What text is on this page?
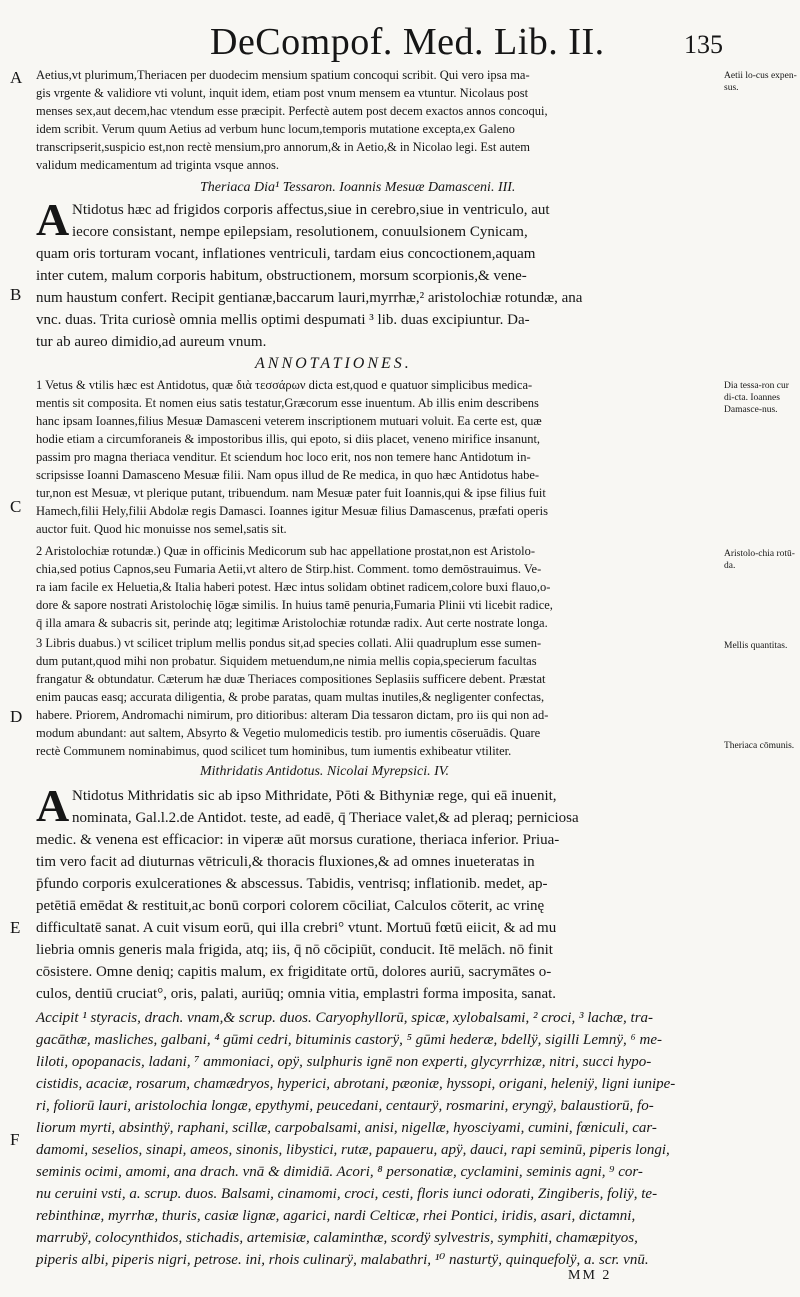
DeCompof. Med. Lib. II.	135
A
B
C
D
E
F
Aetii lo-cus expen-sus.
Dia tessa-ron cur di-cta. Ioannes Damasce-nus.
Aristolo-chia rotū-da.
Mellis quantitas.
Theriaca cōmunis.
Aetius,vt plurimum,Theriacen per duodecim mensium spatium concoqui scribit. Qui vero ipsa ma-
gis vrgente & validiore vti volunt, inquit idem, etiam post vnum mensem ea vtuntur. Nicolaus post
menses sex,aut decem,hac vtendum esse præcipit. Perfectè autem post decem exactos annos concoqui,
idem scribit. Verum quum Aetius ad verbum hunc locum,temporis mutatione excepta,ex Galeno
transcripserit,suspicio est,non rectè mensium,pro annorum,& in Aetio,& in Nicolao legi. Est autem
validum medicamentum ad triginta vsque annos.
Theriaca Dia¹ Tessaron. Ioannis Mesuæ Damasceni. III.
A Ntidotus hæc ad frigidos corporis affectus,siue in cerebro,siue in ventriculo, aut
iecore consistant, nempe epilepsiam, resolutionem, conuulsionem Cynicam,
quam oris torturam vocant, inflationes ventriculi, tardam eius concoctionem,aquam
inter cutem, malum corporis habitum, obstructionem, morsum scorpionis,& vene-
num haustum confert. Recipit gentianæ,baccarum lauri,myrrhæ,² aristolochiæ rotundæ, ana
vnc. duas. Trita curiosè omnia mellis optimi despumati ³ lib. duas excipiuntur. Da-
tur ab aureo dimidio,ad aureum vnum.
ANNOTATIONES.
1 Vetus & vtilis hæc est Antidotus, quæ διὰ τεσσάρων dicta est,quod e quatuor simplicibus medica-
mentis sit composita. Et nomen eius satis testatur,Græcorum esse inuentum. Ab illis enim describens
hanc ipsam Ioannes,filius Mesuæ Damasceni veterem inscriptionem mutuari voluit. Ea certe est, quæ
hodie etiam a circumforaneis & impostoribus illis, qui epoto, si diis placet, veneno mirifice insanunt,
passim pro magna theriaca venditur. Et sciendum hoc loco erit, nos non temere hanc Antidotum in-
scripsisse Ioanni Damasceno Mesuæ filii. Nam opus illud de Re medica, in quo hæc Antidotus habe-
tur,non est Mesuæ, vt plerique putant, tribuendum. nam Mesuæ pater fuit Ioannis,qui & ipse filius fuit
Hamech,filii Hely,filii Abdolæ regis Damasci. Ioannes igitur Mesuæ filius Damascenus, præfati operis
auctor fuit. Quod hic monuisse nos semel,satis sit.
2 Aristolochiæ rotundæ.) Quæ in officinis Medicorum sub hac appellatione prostat,non est Aristolo-
chia,sed potius Capnos,seu Fumaria Aetii,vt altero de Stirp.hist. Comment. tomo demōstrauimus. Ve-
ra iam facile ex Heluetia,& Italia haberi potest. Hæc intus solidam obtinet radicem,colore buxi flauo,o-
dore & sapore nostrati Aristolochię lōgæ similis. In huius tamē penuria,Fumaria Plinii vti licebit radice,
q̄ illa amara & subacris sit, perinde atq; legitimæ Aristolochiæ rotundæ radix. Aut certe nostrate longa.
3 Libris duabus.) vt scilicet triplum mellis pondus sit,ad species collati. Alii quadruplum esse sumen-
dum putant,quod mihi non probatur. Siquidem metuendum,ne nimia mellis copia,specierum facultas
frangatur & obtundatur. Cæterum hæ duæ Theriaces compositiones Seplasiis sufficere debent. Præstat
enim paucas easq; accurata diligentia, & probe paratas, quam multas inutiles,& negligenter confectas,
habere. Priorem, Andromachi nimirum, pro ditioribus: alteram Dia tessaron dictam, pro iis qui non ad-
modum abundant: aut saltem, Absyrto & Vegetio mulomedicis testib. pro iumentis cōseruādis. Quare
rectè Communem nominabimus, quod scilicet tum hominibus, tum iumentis exhibeatur vtiliter.
Mithridatis Antidotus. Nicolai Myrepsici. IV.
A Ntidotus Mithridatis sic ab ipso Mithridate, Pōti & Bithyniæ rege, qui eā inuenit,
nominata, Gal.l.2.de Antidot. teste, ad eadē, q̄ Theriace valet,& ad pleraq; perniciosa
medic. & venena est efficacior: in viperæ aūt morsus curatione, theriaca inferior. Priua-
tim vero facit ad diuturnas vētriculi,& thoracis fluxiones,& ad omnes inueteratas in
p̄fundo corporis exulcerationes & abscessus. Tabidis, ventrisq; inflationib. medet, ap-
petētiā emēdat & restituit,ac bonū corpori colorem cōciliat, Calculos cōterit, ac vrinę
difficultatē sanat. A cuit visum eorū, qui illa crebri° vtunt. Mortuū fœtū eiicit, & ad mu
liebria omnis generis mala frigida, atq; iis, q̄ nō cōcipiūt, conducit. Itē melāch. nō finit
cōsistere. Omne deniq; capitis malum, ex frigiditate ortū, dolores auriū, sacrymātes o-
culos, dentiū cruciat°, oris, palati, auriūq; omnia vitia, emplastri forma imposita, sanat.
Accipit ¹ styracis, drach. vnam,& scrup. duos. Caryophyllorū, spicæ, xylobalsami, ² croci, ³ lachæ, tra-
gacāthæ, masliches, galbani, ⁴ gūmi cedri, bituminis castorÿ, ⁵ gūmi hederæ, bdellÿ, sigilli Lemnÿ, ⁶ me-
liloti, opopanacis, ladani, ⁷ ammoniaci, opÿ, sulphuris ignē non experti, glycyrrhizæ, nitri, succi hypo-
cistidis, acaciæ, rosarum, chamædryos, hyperici, abrotani, pæoniæ, hyssopi, origani, heleniÿ, ligni iunipe-
ri, foliorū lauri, aristolochia longæ, epythymi, peucedani, centaurÿ, rosmarini, eryngÿ, balaustiorū, fo-
liorum myrti, absinthÿ, raphani, scillæ, carpobalsami, anisi, nigellæ, hyosciyami, cumini, fœniculi, car-
damomi, seselios, sinapi, ameos, sinonis, libystici, rutæ, papaueru, apÿ, dauci, rapi seminū, piperis longi,
seminis ocimi, amomi, ana drach. vnā & dimidiā. Acori, ⁸ personatiæ, cyclamini, seminis agni, ⁹ cor-
nu ceruini vsti, a. scrup. duos. Balsami, cinamomi, croci, cesti, floris iunci odorati, Zingiberis, foliÿ, te-
rebinthinæ, myrrhæ, thuris, casiæ lignæ, agarici, nardi Celticæ, rhei Pontici, iridis, asari, dictamni,
marrubÿ, colocynthidos, stichadis, artemisiæ, calaminthæ, scordÿ sylvestris, symphiti, chamæpityos,
piperis albi, piperis nigri, petrose. ini, rhois culinarÿ, malabathri, ¹⁰ nasturtÿ, quinquefolÿ, a. scr. vnū.
MM 2
